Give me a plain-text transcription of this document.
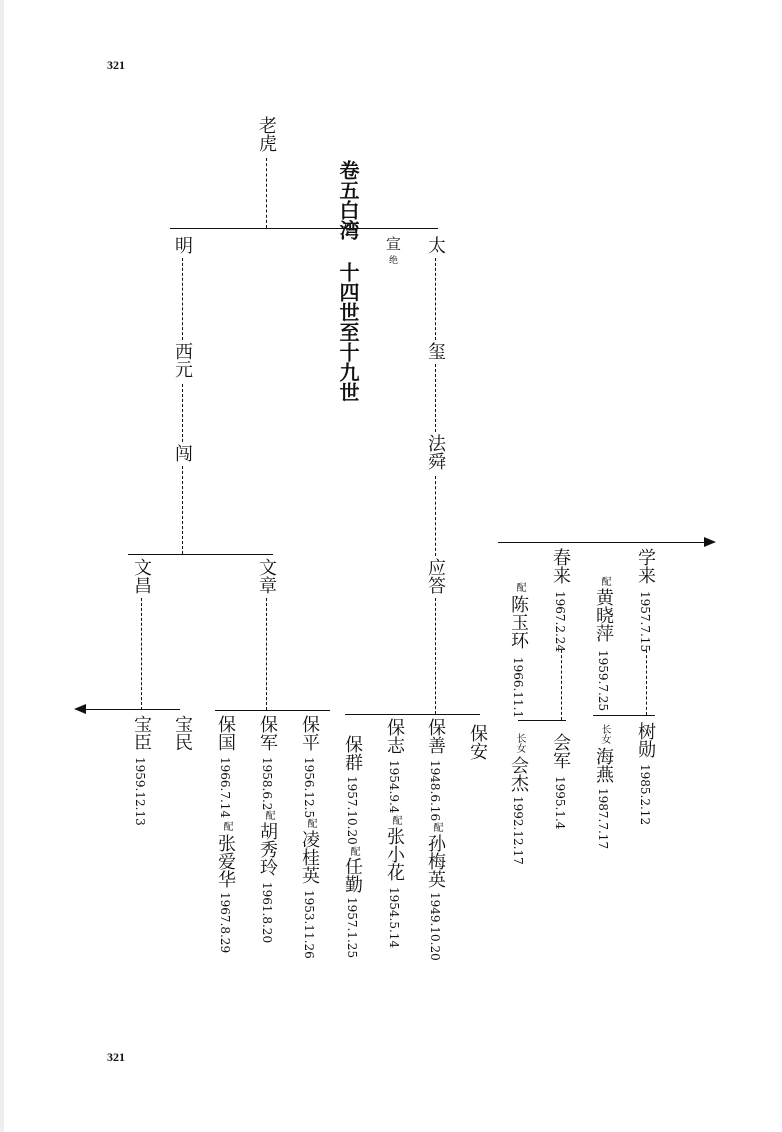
321
321
卷五白湾
十四世至十九世
老虎
明
西元
闯
文昌
宝臣
1959.12.13
宝民
文章
保国
1966.7.14
配
张爱华
1967.8.29
保军
1958.6.2
配
胡秀玲
1961.8.20
保平
1956.12.5
配
凌桂英
1953.11.26
太
宣
绝
玺
法舜
应答
保群
1957.10.20
配
任勤
1957.1.25
保志
1954.9.4
配
张小花
1954.5.14
保善
1948.6.16
配
孙梅英
1949.10.20
保安
春来
1967.2.24
配
陈玉环
1966.11.1
会军
1995.1.4
长女
会杰
1992.12.17
学来
1957.7.15
配
黄晓萍
1959.7.25
树勋
1985.2.12
长女
海燕
1987.7.17
